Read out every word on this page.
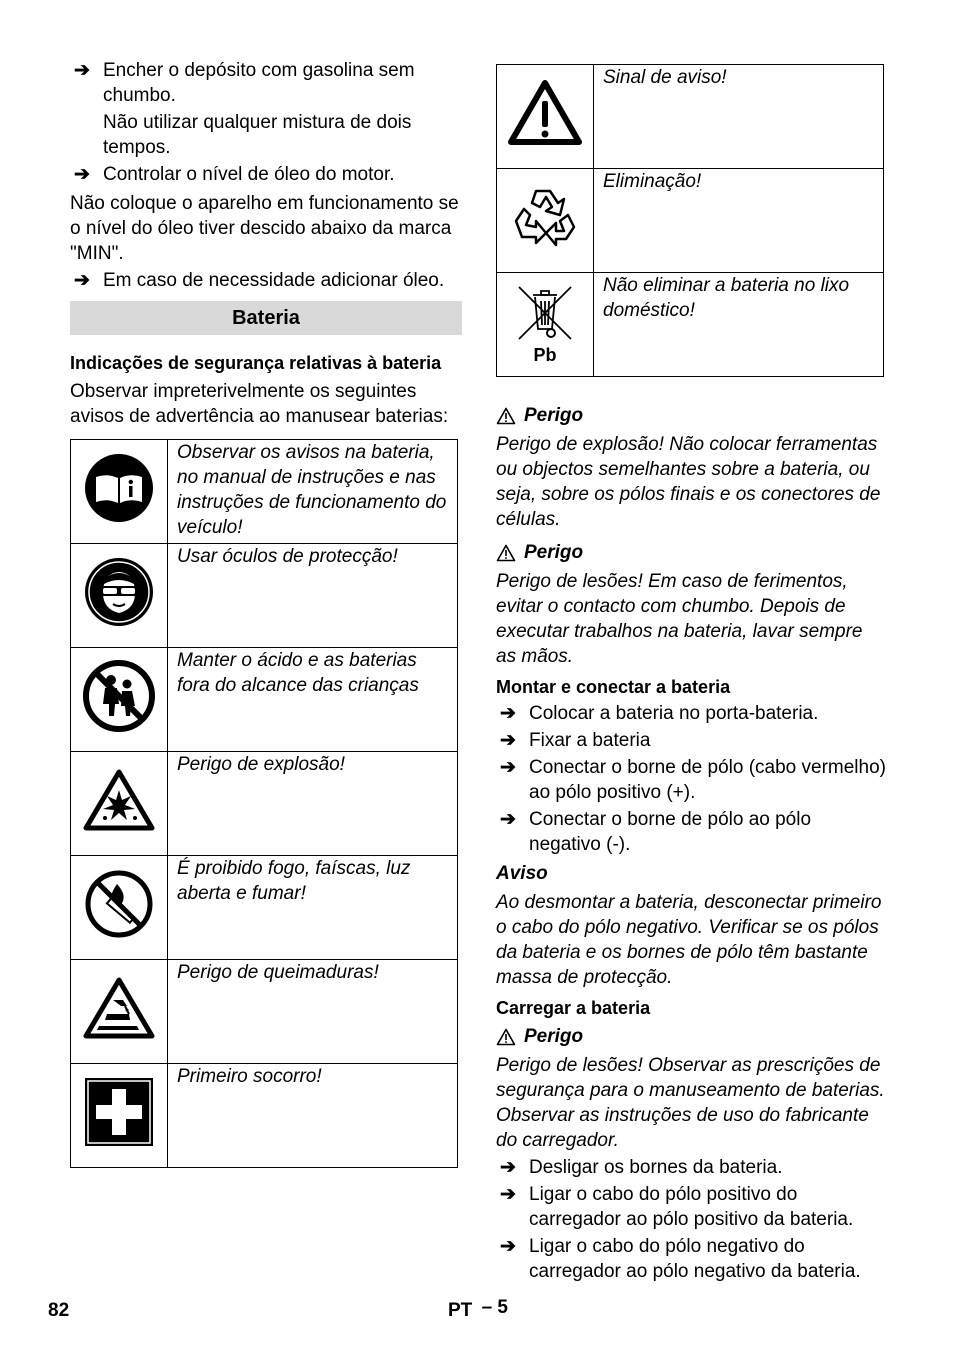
➔ Encher o depósito com gasolina sem chumbo.

Não utilizar qualquer mistura de dois tempos.

➔ Controlar o nível de óleo do motor.

Não coloque o aparelho em funcionamento se o nível do óleo tiver descido abaixo da marca "MIN".

➔ Em caso de necessidade adicionar óleo.
Bateria

Indicações de segurança relativas à bateria

Observar impreterivelmente os seguintes avisos de advertência ao manusear baterias:

	Observar os avisos na bateria, no manual de instruções e nas instruções de funcionamento do veículo!
	Usar óculos de protecção!
	Manter o ácido e as baterias fora do alcance das crianças
	Perigo de explosão!
	É proibido fogo, faíscas, luz aberta e fumar!
	Perigo de queimaduras!
	Primeiro socorro!
	Sinal de aviso!
	Eliminação!

Pb	Não eliminar a bateria no lixo doméstico!
Perigo

Perigo de explosão! Não colocar ferramentas ou objectos semelhantes sobre a bateria, ou seja, sobre os pólos finais e os conectores de células.

Perigo

Perigo de lesões! Em caso de ferimentos, evitar o contacto com chumbo. Depois de executar trabalhos na bateria, lavar sempre as mãos.

Montar e conectar a bateria

➔ Colocar a bateria no porta-bateria.
➔ Fixar a bateria
➔ Conectar o borne de pólo (cabo vermelho) ao pólo positivo (+).
➔ Conectar o borne de pólo ao pólo negativo (-).

Aviso

Ao desmontar a bateria, desconectar primeiro o cabo do pólo negativo. Verificar se os pólos da bateria e os bornes de pólo têm bastante massa de protecção.

Carregar a bateria

Perigo

Perigo de lesões! Observar as prescrições de segurança para o manuseamento de baterias. Observar as instruções de uso do fabricante do carregador.

➔ Desligar os bornes da bateria.
➔ Ligar o cabo do pólo positivo do carregador ao pólo positivo da bateria.
➔ Ligar o cabo do pólo negativo do carregador ao pólo negativo da bateria.
82	PT – 5
